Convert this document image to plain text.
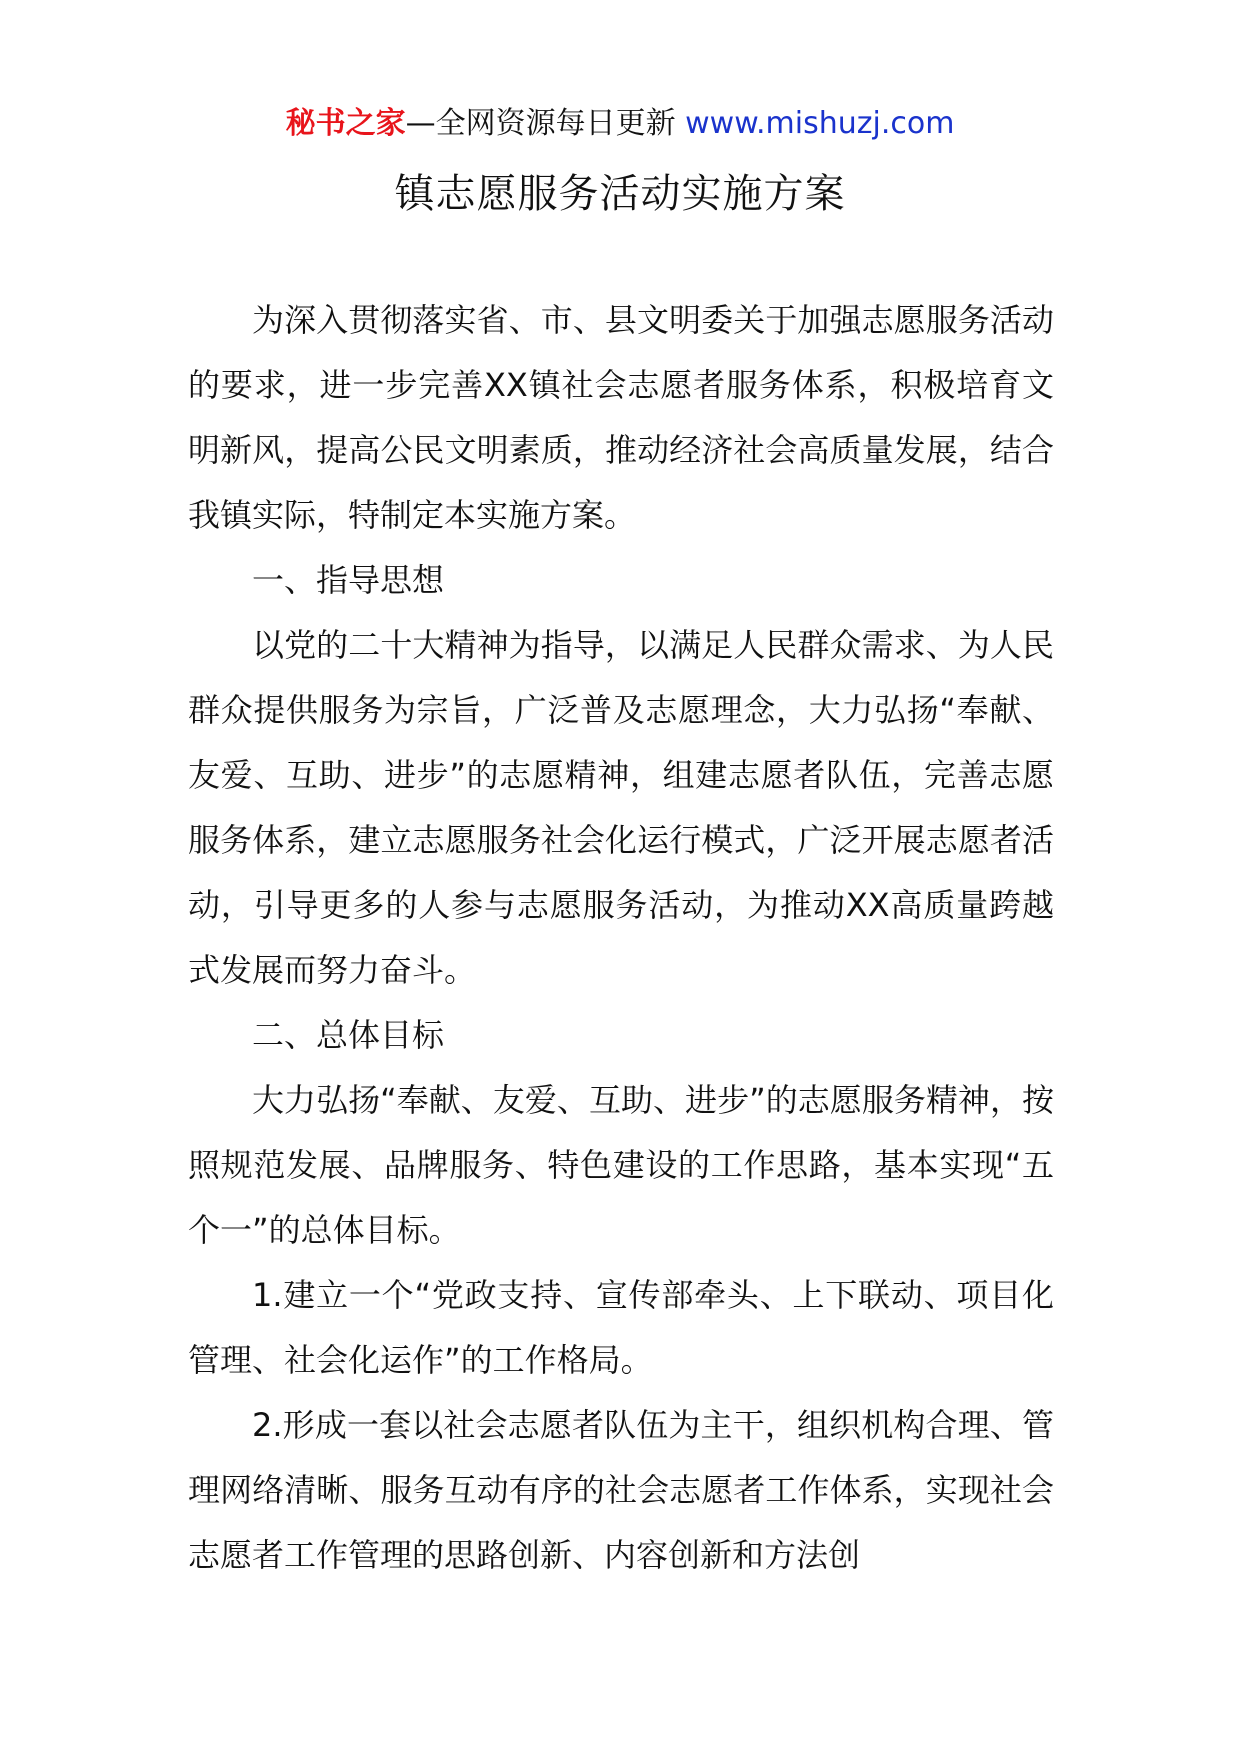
秘书之家—全网资源每日更新 www.mishuzj.com
镇志愿服务活动实施方案

为深入贯彻落实省、市、县文明委关于加强志愿服务活动的要求，进一步完善XX镇社会志愿者服务体系，积极培育文明新风，提高公民文明素质，推动经济社会高质量发展，结合我镇实际，特制定本实施方案。

一、指导思想

以党的二十大精神为指导，以满足人民群众需求、为人民群众提供服务为宗旨，广泛普及志愿理念，大力弘扬“奉献、友爱、互助、进步”的志愿精神，组建志愿者队伍，完善志愿服务体系，建立志愿服务社会化运行模式，广泛开展志愿者活动，引导更多的人参与志愿服务活动，为推动XX高质量跨越式发展而努力奋斗。

二、总体目标

大力弘扬“奉献、友爱、互助、进步”的志愿服务精神，按照规范发展、品牌服务、特色建设的工作思路，基本实现“五个一”的总体目标。

1.建立一个“党政支持、宣传部牵头、上下联动、项目化管理、社会化运作”的工作格局。

2.形成一套以社会志愿者队伍为主干，组织机构合理、管理网络清晰、服务互动有序的社会志愿者工作体系，实现社会志愿者工作管理的思路创新、内容创新和方法创
